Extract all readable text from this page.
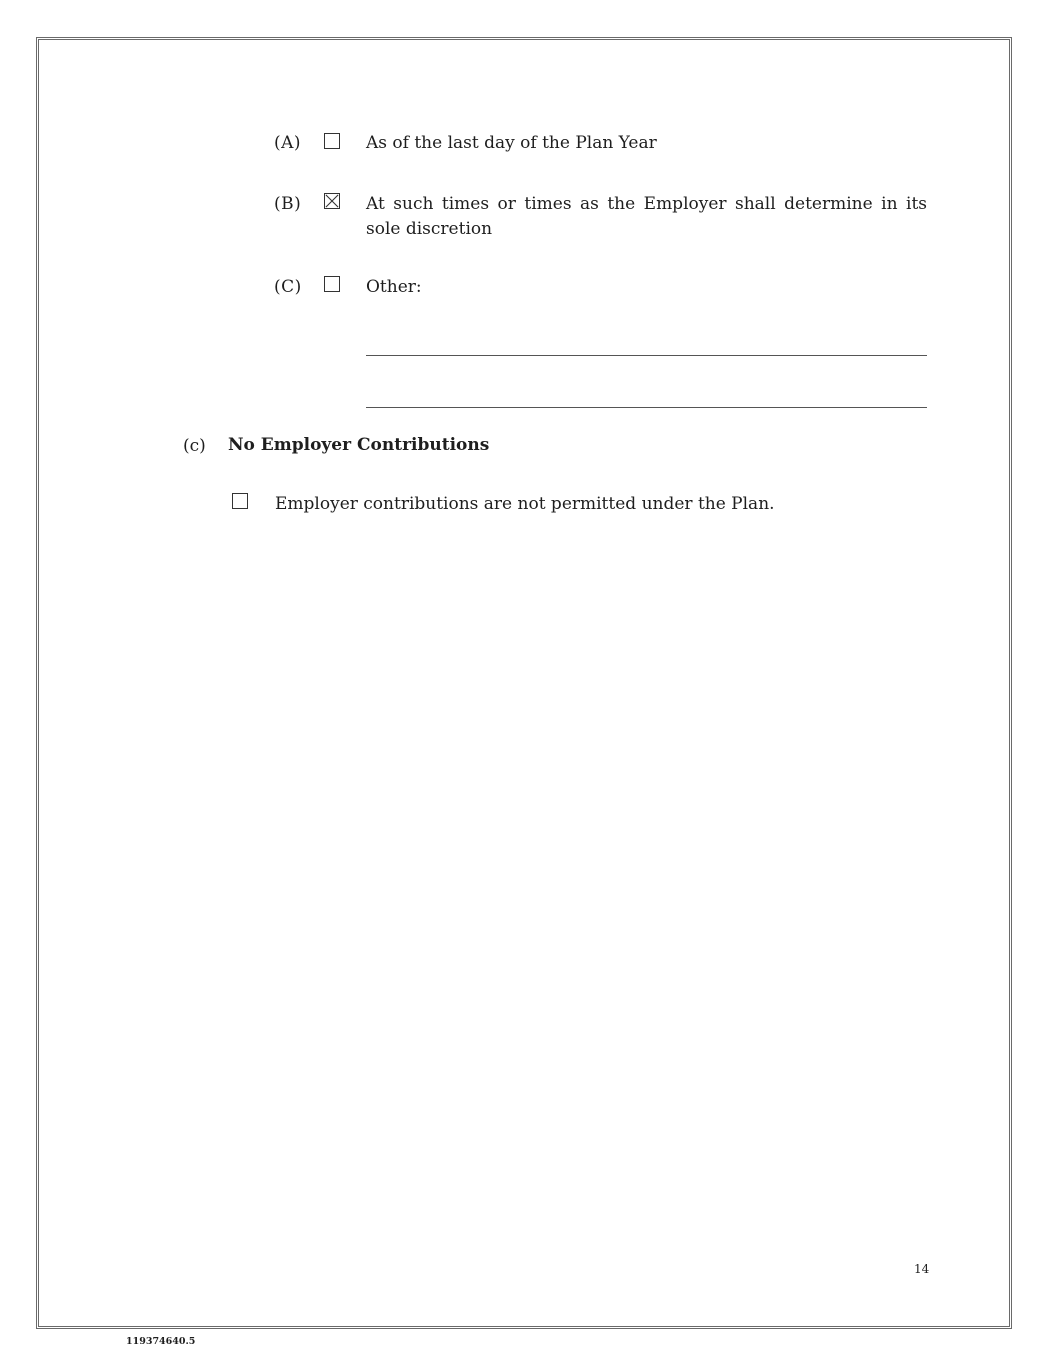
(A)	As of the last day of the Plan Year
(B)	At such times or times as the Employer shall determine in its sole discretion
(C)	Other:
(c) No Employer Contributions
Employer contributions are not permitted under the Plan.
14
119374640.5
